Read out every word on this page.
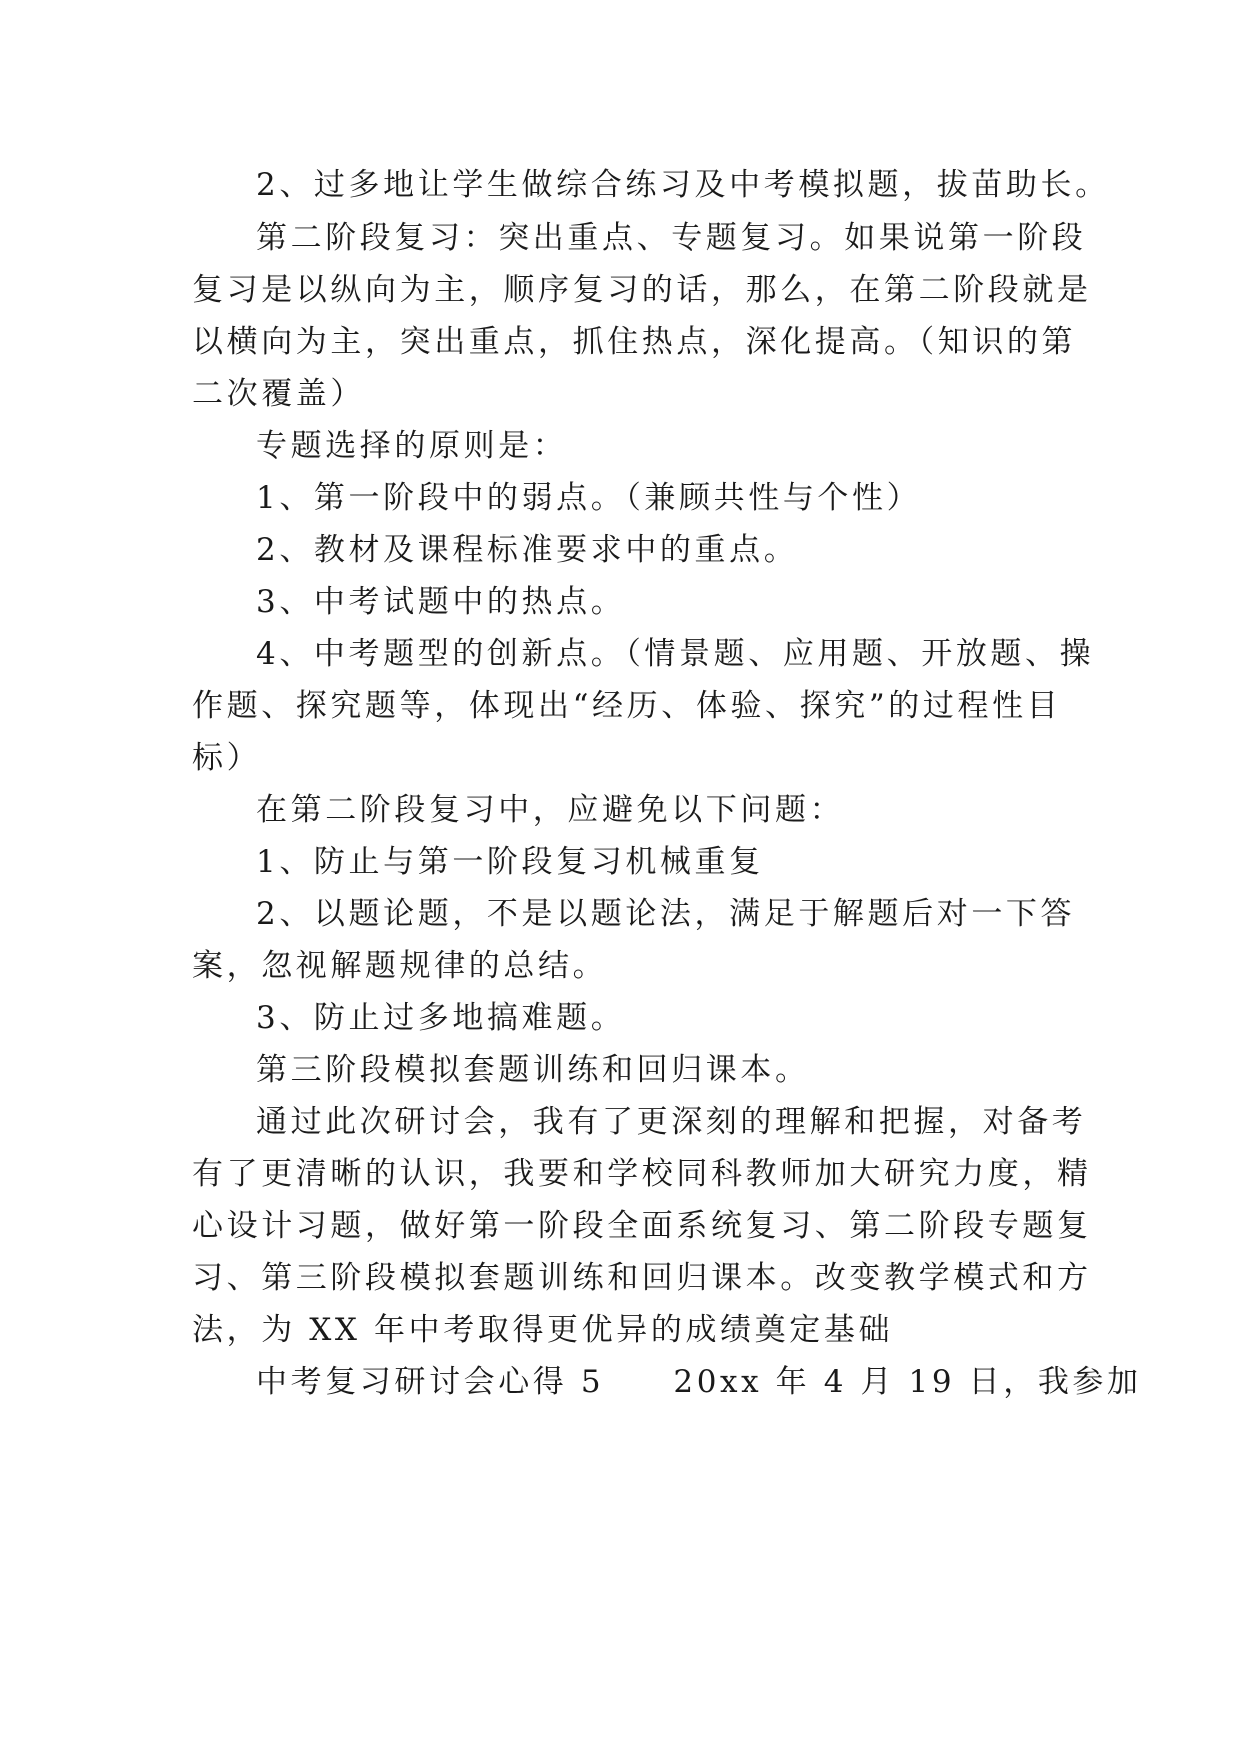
2、过多地让学生做综合练习及中考模拟题，拔苗助长。
第二阶段复习：突出重点、专题复习。如果说第一阶段
复习是以纵向为主，顺序复习的话，那么，在第二阶段就是
以横向为主，突出重点，抓住热点，深化提高。（知识的第
二次覆盖）
专题选择的原则是：
1、第一阶段中的弱点。（兼顾共性与个性）
2、教材及课程标准要求中的重点。
3、中考试题中的热点。
4、中考题型的创新点。（情景题、应用题、开放题、操
作题、探究题等，体现出“经历、体验、探究”的过程性目
标）
在第二阶段复习中，应避免以下问题：
1、防止与第一阶段复习机械重复
2、以题论题，不是以题论法，满足于解题后对一下答
案，忽视解题规律的总结。
3、防止过多地搞难题。
第三阶段模拟套题训练和回归课本。
通过此次研讨会，我有了更深刻的理解和把握，对备考
有了更清晰的认识，我要和学校同科教师加大研究力度，精
心设计习题，做好第一阶段全面系统复习、第二阶段专题复
习、第三阶段模拟套题训练和回归课本。改变教学模式和方
法，为 XX 年中考取得更优异的成绩奠定基础
中考复习研讨会心得 5　　20xx 年 4 月 19 日，我参加
